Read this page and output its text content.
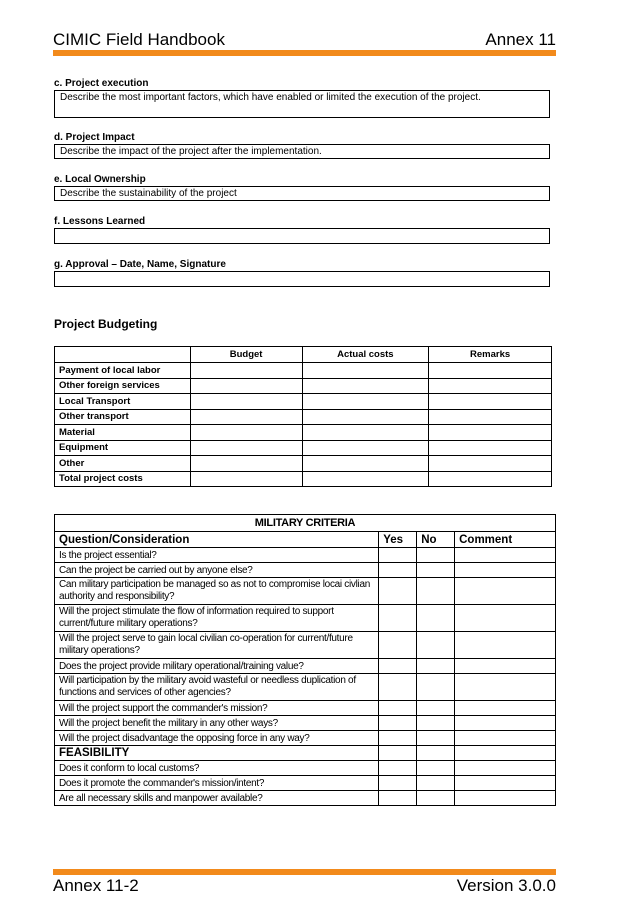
CIMIC Field Handbook	Annex 11
c. Project execution
Describe the most important factors, which have enabled or limited the execution of the project.
d. Project Impact
Describe the impact of the project after the implementation.
e. Local Ownership
Describe the sustainability of the project
f. Lessons Learned
g. Approval – Date, Name, Signature
Project Budgeting
	Budget	Actual costs	Remarks
Payment of local labor			
Other foreign services			
Local Transport			
Other transport			
Material			
Equipment			
Other			
Total project costs			
MILITARY CRITERIA			
Question/Consideration	Yes	No	Comment
Is the project essential?			
Can the project be carried out by anyone else?			
Can military participation be managed so as not to compromise locai civlian authority and responsibility?			
Will the project stimulate the flow of information required to support current/future military operations?			
Will the project serve to gain local civilian co-operation for current/future military operations?			
Does the project provide military operational/training value?			
Will participation by the military avoid wasteful or needless duplication of functions and services of other agencies?			
Will the project support the commander's mission?			
Will the project benefit the military in any other ways?			
Will the project disadvantage the opposing force in any way?			
FEASIBILITY			
Does it conform to local customs?			
Does it promote the commander's mission/intent?			
Are all necessary skills and manpower available?			
Annex 11-2	Version 3.0.0
